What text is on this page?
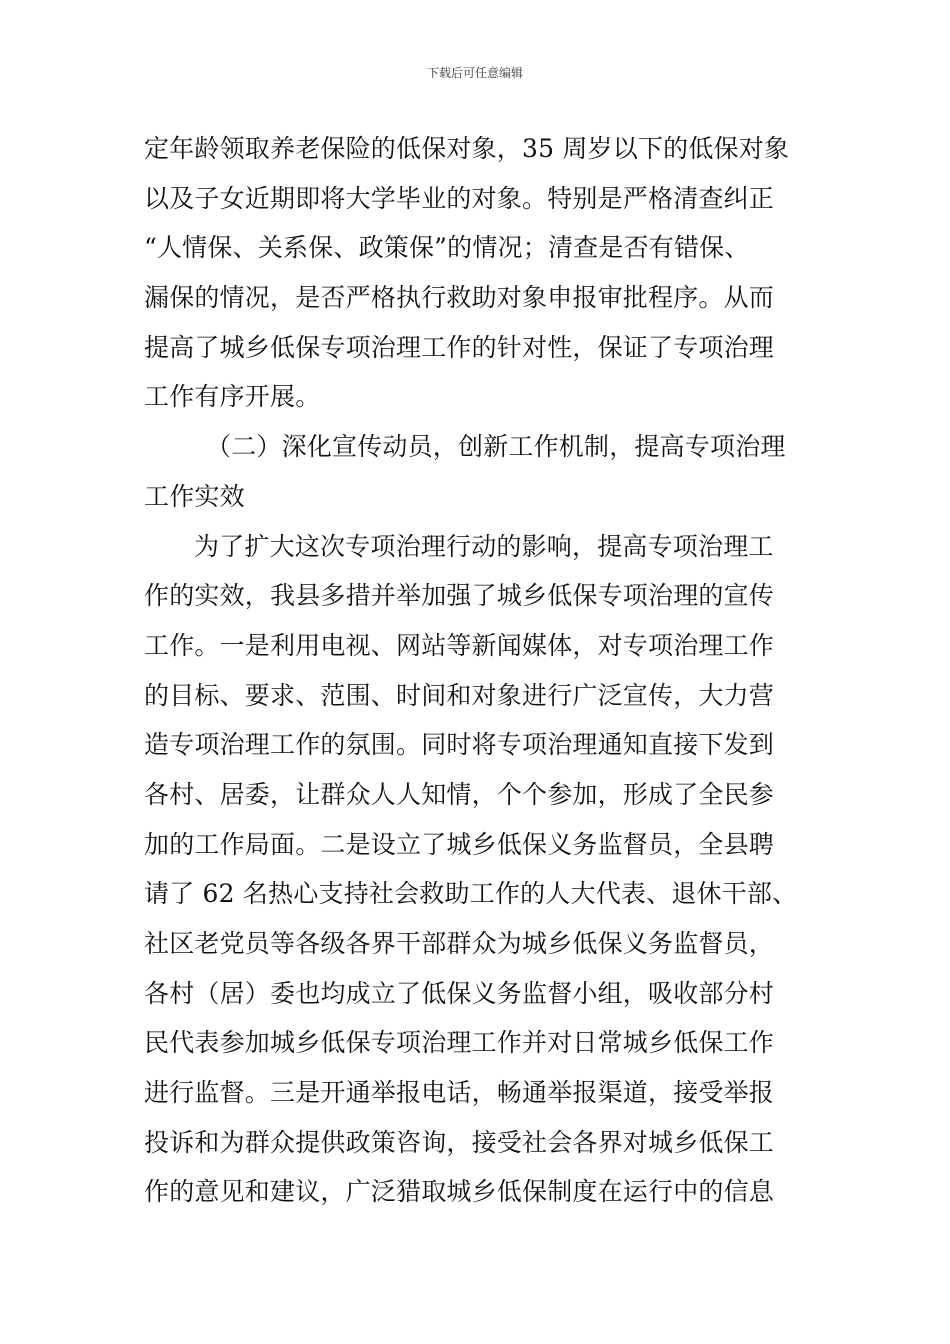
下载后可任意编辑
定年龄领取养老保险的低保对象，35 周岁以下的低保对象
以及子女近期即将大学毕业的对象。特别是严格清查纠正
“人情保、关系保、政策保”的情况；清查是否有错保、
漏保的情况，是否严格执行救助对象申报审批程序。从而
提高了城乡低保专项治理工作的针对性，保证了专项治理
工作有序开展。
（二）深化宣传动员，创新工作机制，提高专项治理
工作实效
为了扩大这次专项治理行动的影响，提高专项治理工
作的实效，我县多措并举加强了城乡低保专项治理的宣传
工作。一是利用电视、网站等新闻媒体，对专项治理工作
的目标、要求、范围、时间和对象进行广泛宣传，大力营
造专项治理工作的氛围。同时将专项治理通知直接下发到
各村、居委，让群众人人知情，个个参加，形成了全民参
加的工作局面。二是设立了城乡低保义务监督员，全县聘
请了 62 名热心支持社会救助工作的人大代表、退休干部、
社区老党员等各级各界干部群众为城乡低保义务监督员，
各村（居）委也均成立了低保义务监督小组，吸收部分村
民代表参加城乡低保专项治理工作并对日常城乡低保工作
进行监督。三是开通举报电话，畅通举报渠道，接受举报
投诉和为群众提供政策咨询，接受社会各界对城乡低保工
作的意见和建议，广泛猎取城乡低保制度在运行中的信息
